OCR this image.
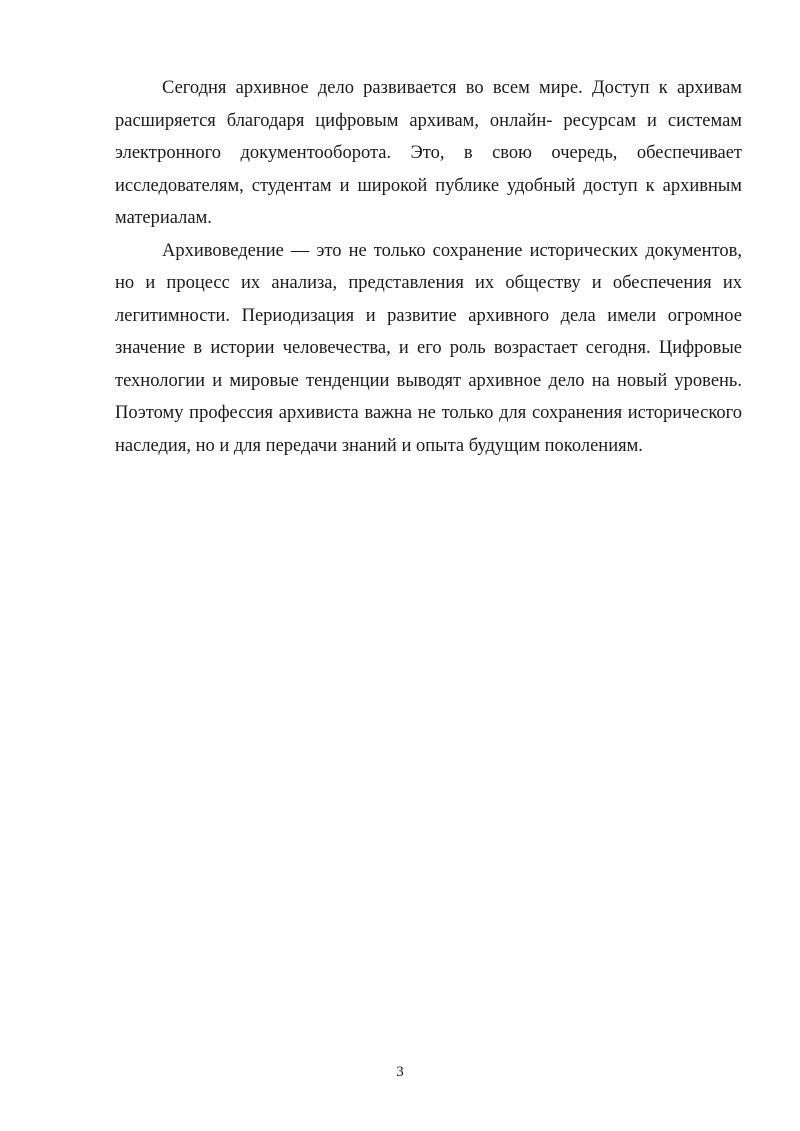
Сегодня архивное дело развивается во всем мире. Доступ к архивам расширяется благодаря цифровым архивам, онлайн- ресурсам и системам электронного документооборота. Это, в свою очередь, обеспечивает исследователям, студентам и широкой публике удобный доступ к архивным материалам.

Архивоведение — это не только сохранение исторических документов, но и процесс их анализа, представления их обществу и обеспечения их легитимности. Периодизация и развитие архивного дела имели огромное значение в истории человечества, и его роль возрастает сегодня. Цифровые технологии и мировые тенденции выводят архивное дело на новый уровень. Поэтому профессия архивиста важна не только для сохранения исторического наследия, но и для передачи знаний и опыта будущим поколениям.

3
